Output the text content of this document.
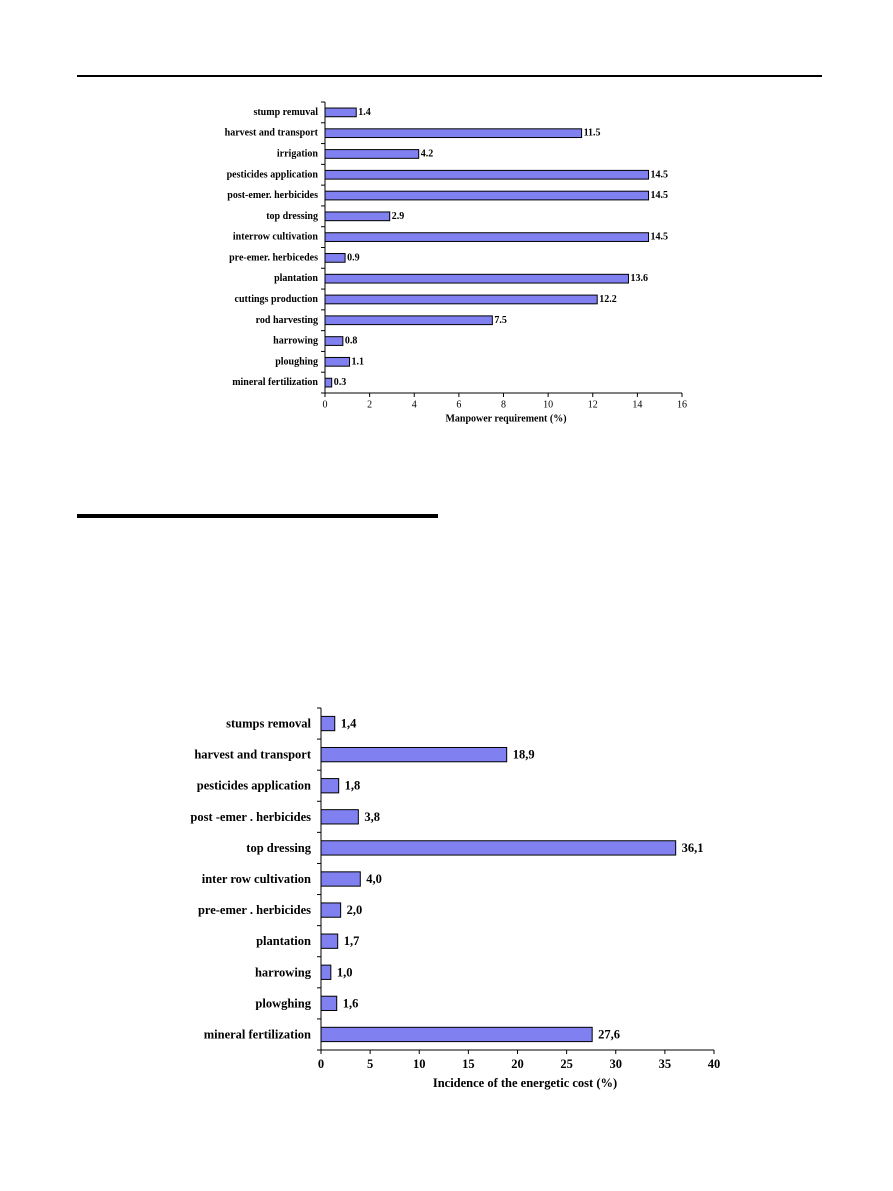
stump remuval	1.4
harvest and transport	11.5
irrigation	4.2
pesticides application	14.5
post-emer. herbicides	14.5
top dressing	2.9
interrow cultivation	14.5
pre-emer. herbicedes	0.9
plantation	13.6
cuttings production	12.2
rod harvesting	7.5
harrowing	0.8
ploughing	1.1
mineral fertilization 0.3
0	2	4	6	8	10	12	14	16
Manpower requirement (%)
stumps removal 1,4
harvest and transport	18,9
pesticides application	1,8
post -emer . herbicides	3,8
top dressing	36,1
inter row cultivation	4,0
pre-emer . herbicides	2,0
plantation	1,7
harrowing 1,0
plowghing	1,6
mineral fertilization	27,6
0	5	10	15	20	25	30	35	40
Incidence of the energetic cost (%)
